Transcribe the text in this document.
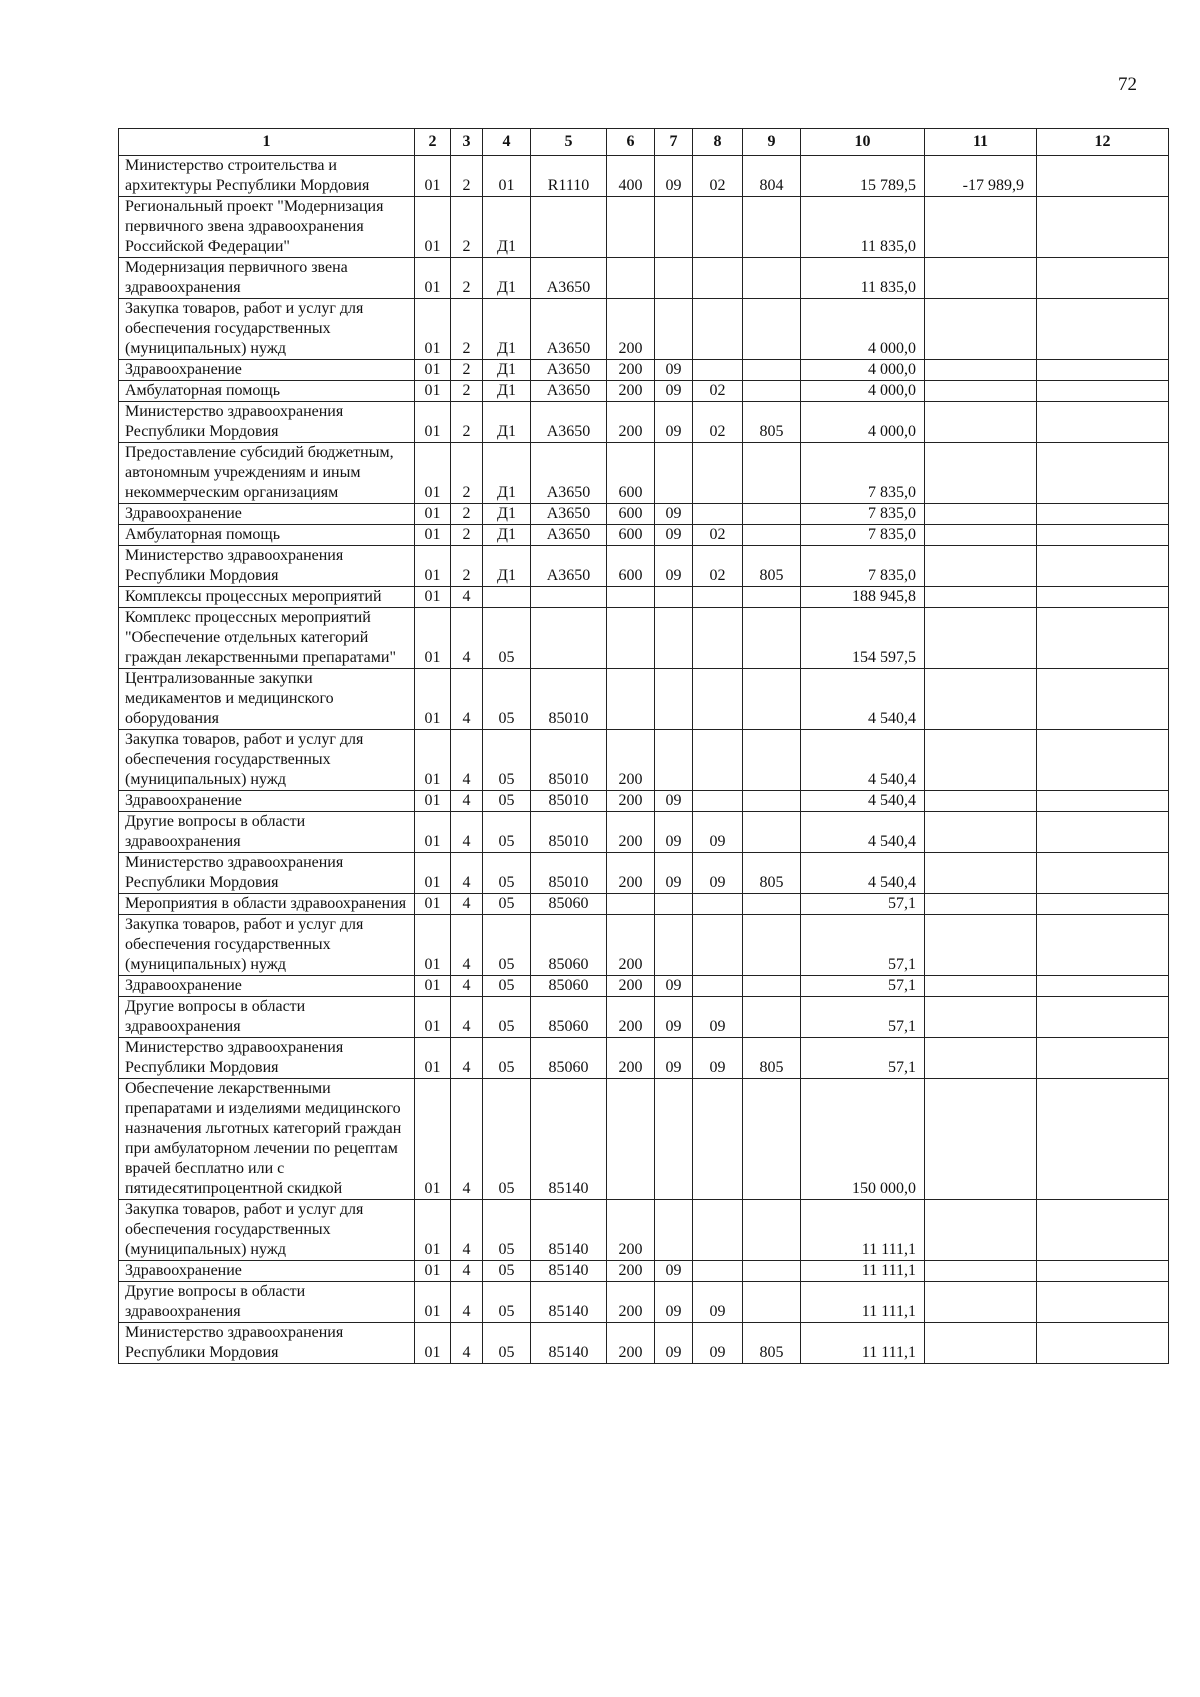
72
1	2	3	4	5	6	7	8	9	10	11	12
Министерство строительства и архитектуры Республики Мордовия	01	2	01	R1110	400	09	02	804	15 789,5	-17 989,9	
Региональный проект "Модернизация первичного звена здравоохранения Российской Федерации"	01	2	Д1						11 835,0		
Модернизация первичного звена здравоохранения	01	2	Д1	А3650					11 835,0		
Закупка товаров, работ и услуг для обеспечения государственных (муниципальных) нужд	01	2	Д1	А3650	200				4 000,0		
Здравоохранение	01	2	Д1	А3650	200	09			4 000,0		
Амбулаторная помощь	01	2	Д1	А3650	200	09	02		4 000,0		
Министерство здравоохранения Республики Мордовия	01	2	Д1	А3650	200	09	02	805	4 000,0		
Предоставление субсидий бюджетным, автономным учреждениям и иным некоммерческим организациям	01	2	Д1	А3650	600				7 835,0		
Здравоохранение	01	2	Д1	А3650	600	09			7 835,0		
Амбулаторная помощь	01	2	Д1	А3650	600	09	02		7 835,0		
Министерство здравоохранения Республики Мордовия	01	2	Д1	А3650	600	09	02	805	7 835,0		
Комплексы процессных мероприятий	01	4							188 945,8		
Комплекс процессных мероприятий "Обеспечение отдельных категорий граждан лекарственными препаратами"	01	4	05						154 597,5		
Централизованные закупки медикаментов и медицинского оборудования	01	4	05	85010					4 540,4		
Закупка товаров, работ и услуг для обеспечения государственных (муниципальных) нужд	01	4	05	85010	200				4 540,4		
Здравоохранение	01	4	05	85010	200	09			4 540,4		
Другие вопросы в области здравоохранения	01	4	05	85010	200	09	09		4 540,4		
Министерство здравоохранения Республики Мордовия	01	4	05	85010	200	09	09	805	4 540,4		
Мероприятия в области здравоохранения	01	4	05	85060					57,1		
Закупка товаров, работ и услуг для обеспечения государственных (муниципальных) нужд	01	4	05	85060	200				57,1		
Здравоохранение	01	4	05	85060	200	09			57,1		
Другие вопросы в области здравоохранения	01	4	05	85060	200	09	09		57,1		
Министерство здравоохранения Республики Мордовия	01	4	05	85060	200	09	09	805	57,1		
Обеспечение лекарственными препаратами и изделиями медицинского назначения льготных категорий граждан при амбулаторном лечении по рецептам врачей бесплатно или с пятидесятипроцентной скидкой	01	4	05	85140					150 000,0		
Закупка товаров, работ и услуг для обеспечения государственных (муниципальных) нужд	01	4	05	85140	200				11 111,1		
Здравоохранение	01	4	05	85140	200	09			11 111,1		
Другие вопросы в области здравоохранения	01	4	05	85140	200	09	09		11 111,1		
Министерство здравоохранения Республики Мордовия	01	4	05	85140	200	09	09	805	11 111,1		
